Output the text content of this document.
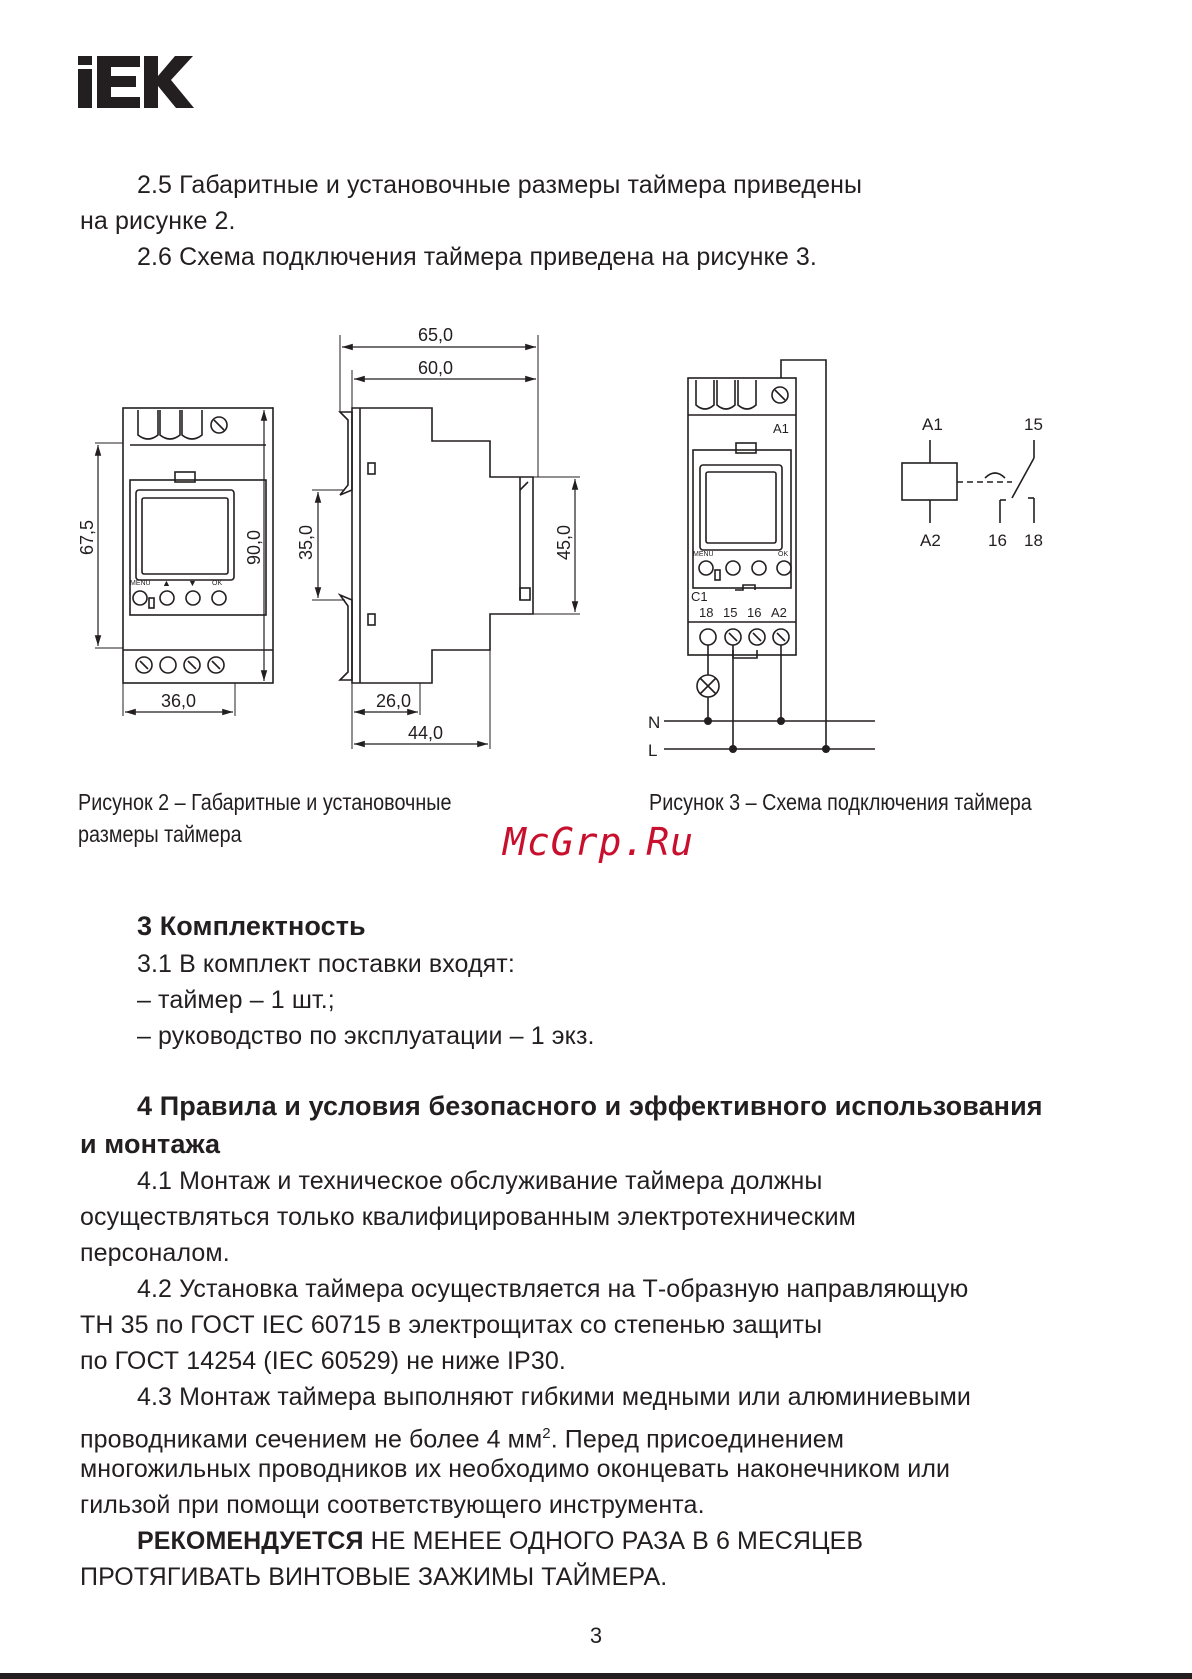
2.5 Габаритные и установочные размеры таймера приведены
на рисунке 2.
2.6 Схема подключения таймера приведена на рисунке 3.
65,0
60,0
67,5	90,0 35,0	45,0
36,0	26,0
44,0
MENU ▲ ▼ OK
A1
MENU	OK
C1
18 15 16 A2
N
L
A1
A2
15
16 18
Рисунок 2 – Габаритные и установочные
размеры таймера
Рисунок 3 – Схема подключения таймера
McGrp.Ru
3 Комплектность
3.1 В комплект поставки входят:
– таймер – 1 шт.;
– руководство по эксплуатации – 1 экз.
4 Правила и условия безопасного и эффективного использования
и монтажа
4.1 Монтаж и техническое обслуживание таймера должны
осуществляться только квалифицированным электротехническим
персоналом.
4.2 Установка таймера осуществляется на Т-образную направляющую
ТН 35 по ГОСТ IEC 60715 в электрощитах со степенью защиты
по ГОСТ 14254 (IEC 60529) не ниже IP30.
4.3 Монтаж таймера выполняют гибкими медными или алюминиевыми
проводниками сечением не более 4 $мм^2$. Перед присоединением
многожильных проводников их необходимо оконцевать наконечником или
гильзой при помощи соответствующего инструмента.
РЕКОМЕНДУЕТСЯ НЕ МЕНЕЕ ОДНОГО РАЗА В 6 МЕСЯЦЕВ
ПРОТЯГИВАТЬ ВИНТОВЫЕ ЗАЖИМЫ ТАЙМЕРА.
3
